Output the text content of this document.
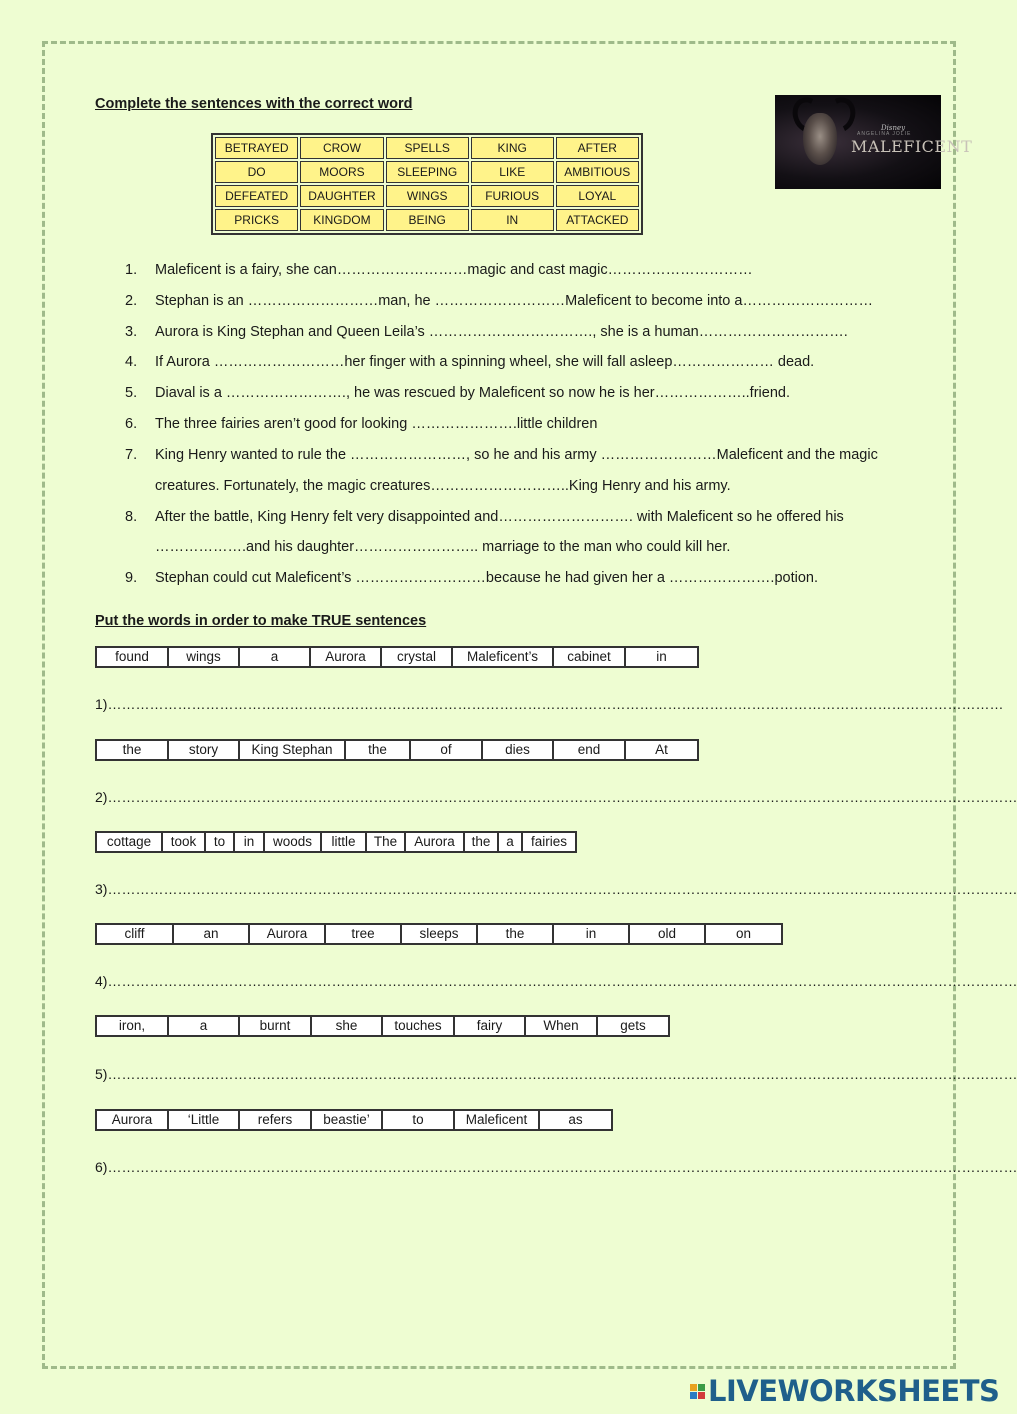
Complete the sentences with the correct word
BETRAYED	CROW	SPELLS	KING	AFTER
DO	MOORS	SLEEPING	LIKE	AMBITIOUS
DEFEATED	DAUGHTER	WINGS	FURIOUS	LOYAL
PRICKS	KINGDOM	BEING	IN	ATTACKED
Disney
ANGELINA JOLIE
MALEFICENT
1. Maleficent is a fairy, she can………………………magic and cast magic…………………………
2. Stephan is an ………………………man, he ………………………Maleficent to become into a………………………
3. Aurora is King Stephan and Queen Leila’s ……………………………., she is a human………………………….
4. If Aurora ………………………her finger with a spinning wheel, she will fall asleep………………… dead.
5. Diaval is a ……………………., he was rescued by Maleficent so now he is her………………..friend.
6. The three fairies aren’t good for looking ………………….little children
7. King Henry wanted to rule the ……………………, so he and his army ……………………Maleficent and the magic
creatures. Fortunately, the magic creatures………………………..King Henry and his army.
8. After the battle, King Henry felt very disappointed and………………………. with Maleficent so he offered his
……………….and his daughter…………………….. marriage to the man who could kill her.
9. Stephan could cut Maleficent’s ………………………because he had given her a ………………….potion.
Put the words in order to make TRUE sentences
found	wings	a	Aurora	crystal	Maleficent’s	cabinet	in
1)…………………………………………………………………………………………………………………………………………………………………………
the	story	King Stephan	the	of	dies	end	At
2)……………………………………………………………………………………………………………………………………………………………………………
cottage	took	to	in	woods	little	The	Aurora	the	a	fairies
3)……………………………………………………………………………………………………………………………………………………………………………
cliff	an	Aurora	tree	sleeps	the	in	old	on
4)……………………………………………………………………………………………………………………………………………………………………………
iron,	a	burnt	she	touches	fairy	When	gets
5)……………………………………………………………………………………………………………………………………………………………………………
Aurora	‘Little	refers	beastie’	to	Maleficent	as
6)……………………………………………………………………………………………………………………………………………………………………………
LIVEWORKSHEETS
